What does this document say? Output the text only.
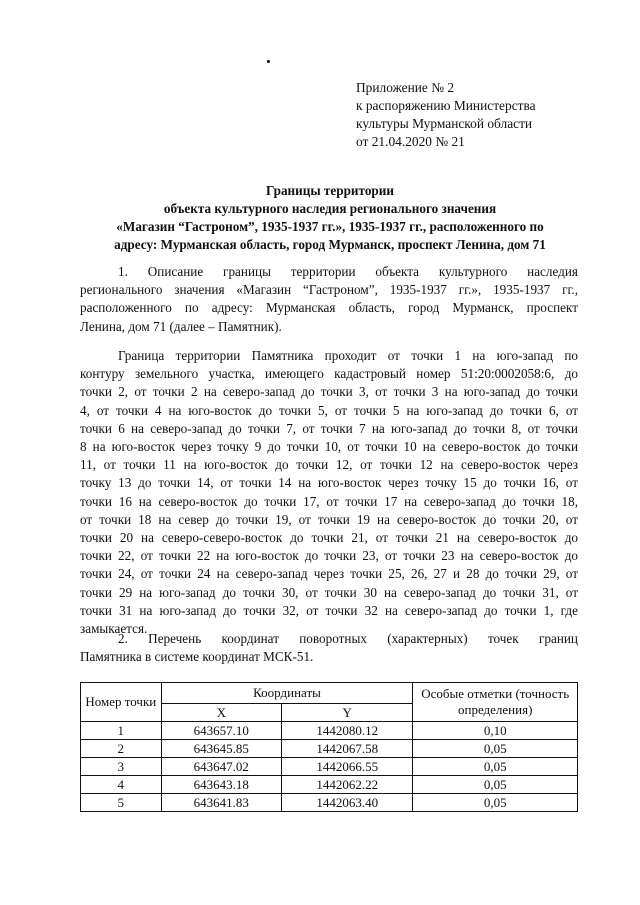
Приложение № 2
к распоряжению Министерства
культуры Мурманской области
от 21.04.2020 № 21
Границы территории
объекта культурного наследия регионального значения
«Магазин “Гастроном”, 1935-1937 гг.», 1935-1937 гг., расположенного по
адресу: Мурманская область, город Мурманск, проспект Ленина, дом 71
1. Описание границы территории объекта культурного наследия
регионального значения «Магазин “Гастроном”, 1935-1937 гг.», 1935-1937 гг.,
расположенного по адресу: Мурманская область, город Мурманск, проспект
Ленина, дом 71 (далее – Памятник).
Граница территории Памятника проходит от точки 1 на юго-запад по
контуру земельного участка, имеющего кадастровый номер 51:20:0002058:6, до
точки 2, от точки 2 на северо-запад до точки 3, от точки 3 на юго-запад до точки
4, от точки 4 на юго-восток до точки 5, от точки 5 на юго-запад до точки 6, от
точки 6 на северо-запад до точки 7, от точки 7 на юго-запад до точки 8, от точки
8 на юго-восток через точку 9 до точки 10, от точки 10 на северо-восток до точки
11, от точки 11 на юго-восток до точки 12, от точки 12 на северо-восток через
точку 13 до точки 14, от точки 14 на юго-восток через точку 15 до точки 16, от
точки 16 на северо-восток до точки 17, от точки 17 на северо-запад до точки 18,
от точки 18 на север до точки 19, от точки 19 на северо-восток до точки 20, от
точки 20 на северо-северо-восток до точки 21, от точки 21 на северо-восток до
точки 22, от точки 22 на юго-восток до точки 23, от точки 23 на северо-восток до
точки 24, от точки 24 на северо-запад через точки 25, 26, 27 и 28 до точки 29, от
точки 29 на юго-запад до точки 30, от точки 30 на северо-запад до точки 31, от
точки 31 на юго-запад до точки 32, от точки 32 на северо-запад до точки 1, где
замыкается.
2. Перечень координат поворотных (характерных) точек границ
Памятника в системе координат МСК-51.
Номер точки	Координаты		Особые отметки (точность определения)
	X	Y	
1	643657.10	1442080.12	0,10
2	643645.85	1442067.58	0,05
3	643647.02	1442066.55	0,05
4	643643.18	1442062.22	0,05
5	643641.83	1442063.40	0,05
